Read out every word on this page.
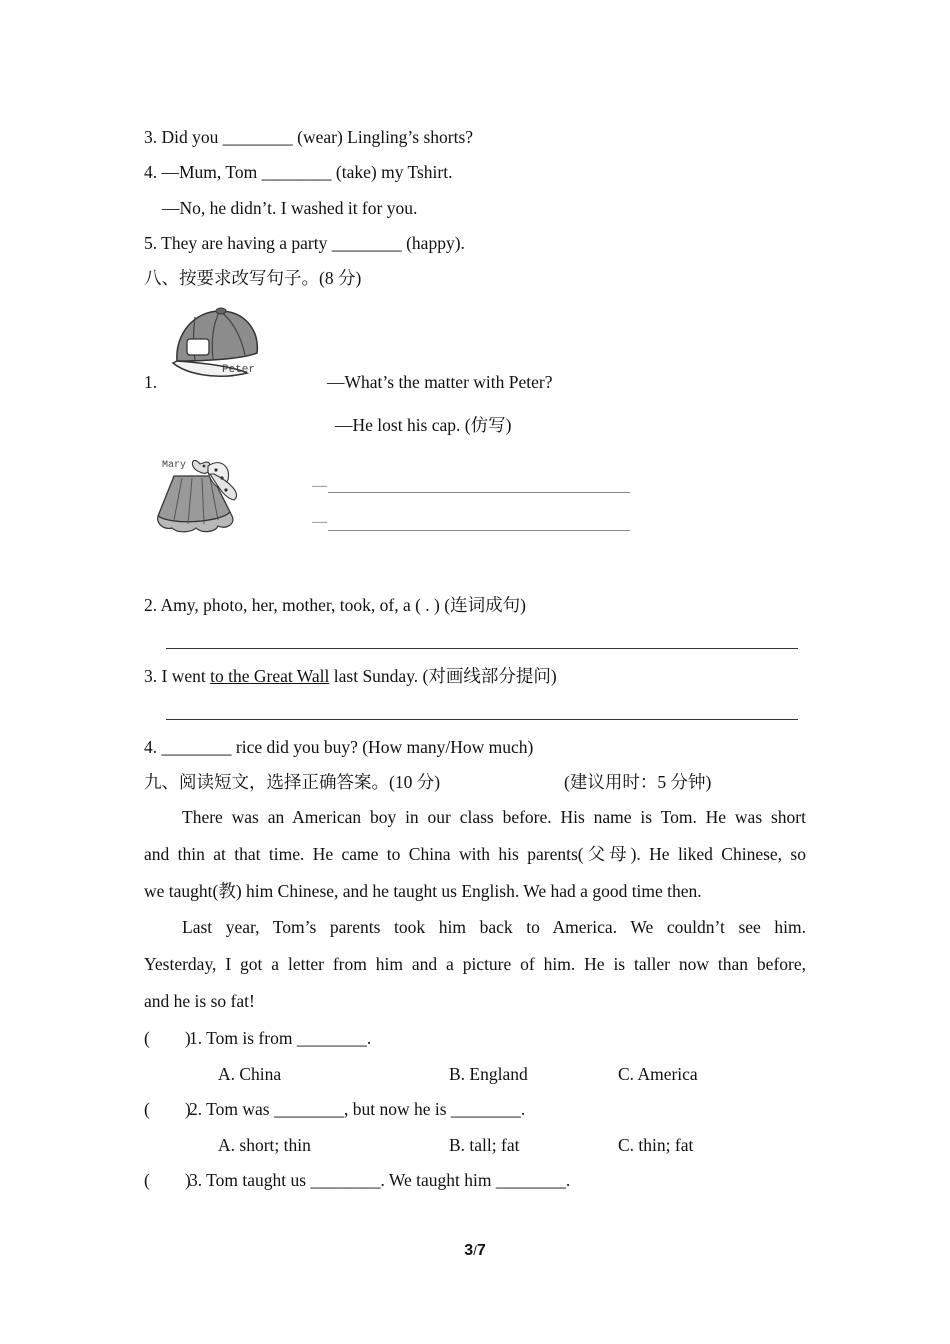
3. Did you ________ (wear) Lingling’s shorts?
4. —Mum, Tom ________ (take) my Tshirt.
—No, he didn’t. I washed it for you.
5. They are having a party ________ (happy).
八、按要求改写句子。(8 分)
Peter
1.	—What’s the matter with Peter?
—He lost his cap. (仿写)
Mary
—
—
2. Amy, photo, her, mother, took, of, a ( . ) (连词成句)
3. I went to the Great Wall last Sunday. (对画线部分提问)
4. ________ rice did you buy? (How many/How much)
九、阅读短文，选择正确答案。(10 分)	(建议用时：5 分钟)
There was an American boy in our class before. His name is Tom. He was short
and thin at that time. He came to China with his parents(父母). He liked Chinese, so
we taught(教) him Chinese, and he taught us English. We had a good time then.
Last year, Tom’s parents took him back to America. We couldn’t see him.
Yesterday, I got a letter from him and a picture of him. He is taller now than before,
and he is so fat!
(        )
1. Tom is from ________.
A. China	B. England	C. America
(        )
2. Tom was ________, but now he is ________.
A. short; thin	B. tall; fat	C. thin; fat
(        )
3. Tom taught us ________. We taught him ________.
3/7
